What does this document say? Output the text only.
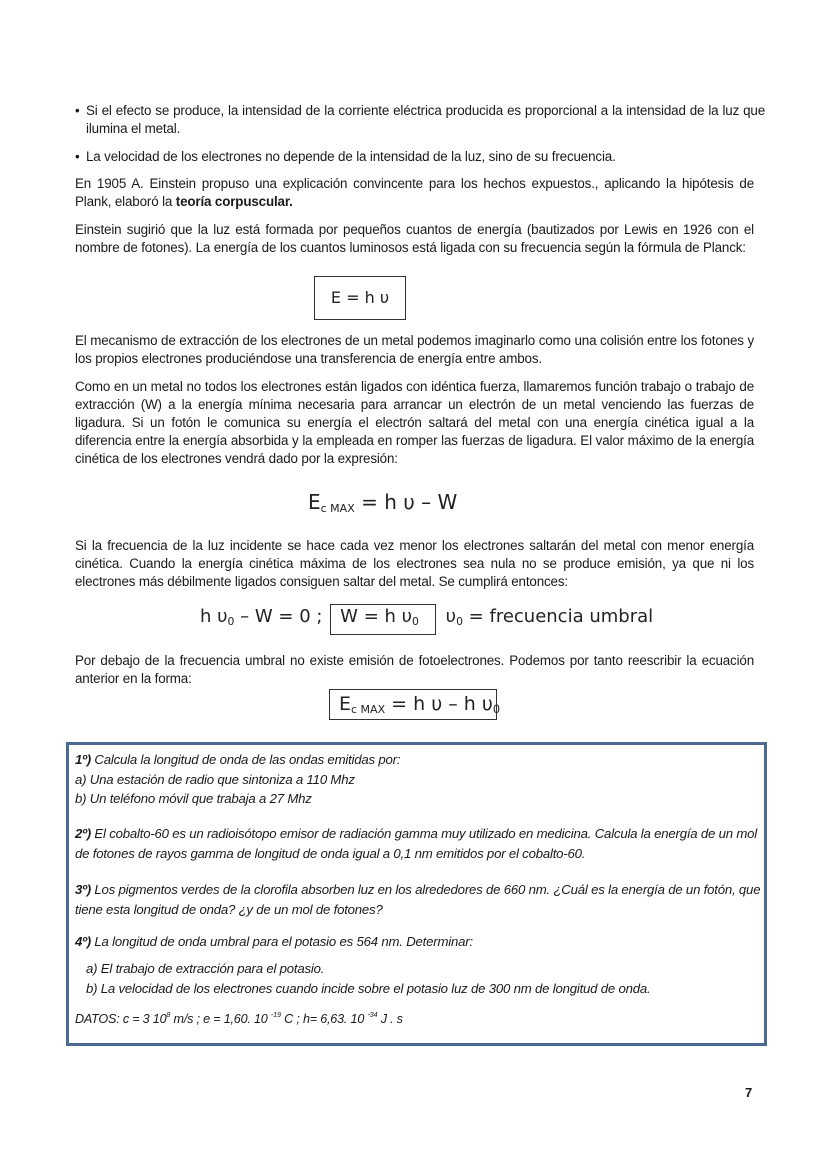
• Si el efecto se produce, la intensidad de la corriente eléctrica producida es proporcional a la intensidad de la luz que ilumina el metal.
• La velocidad de los electrones no depende de la intensidad de la luz, sino de su frecuencia.
En 1905 A. Einstein propuso una explicación convincente para los hechos expuestos., aplicando la hipótesis de Plank, elaboró la teoría corpuscular.
Einstein sugirió que la luz está formada por pequeños cuantos de energía (bautizados por Lewis en 1926 con el nombre de fotones). La energía de los cuantos luminosos está ligada con su frecuencia según la fórmula de Planck:
E = h υ
El mecanismo de extracción de los electrones de un metal podemos imaginarlo como una colisión entre los fotones y los propios electrones produciéndose una transferencia de energía entre ambos.
Como en un metal no todos los electrones están ligados con idéntica fuerza, llamaremos función trabajo o trabajo de extracción (W) a la energía mínima necesaria para arrancar un electrón de un metal venciendo las fuerzas de ligadura. Si un fotón le comunica su energía el electrón saltará del metal con una energía cinética igual a la diferencia entre la energía absorbida y la empleada en romper las fuerzas de ligadura. El valor máximo de la energía cinética de los electrones vendrá dado por la expresión:
$E_{c MAX} = h$ υ – W
Si la frecuencia de la luz incidente se hace cada vez menor los electrones saltarán del metal con menor energía cinética. Cuando la energía cinética máxima de los electrones sea nula no se produce emisión, ya que ni los electrones más débilmente ligados consiguen saltar del metal. Se cumplirá entonces:
h $\upsilon_0 - W = 0$ ; W = h $\upsilon_0$ $\upsilon_0$ = frecuencia umbral
Por debajo de la frecuencia umbral no existe emisión de fotoelectrones. Podemos por tanto reescribir la ecuación anterior en la forma:
$E_{c MAX} = h$ υ – h $\upsilon_0$
1º) Calcula la longitud de onda de las ondas emitidas por:
a) Una estación de radio que sintoniza a 110 Mhz
b) Un teléfono móvil que trabaja a 27 Mhz
2º) El cobalto-60 es un radioisótopo emisor de radiación gamma muy utilizado en medicina. Calcula la energía de un mol de fotones de rayos gamma de longitud de onda igual a 0,1 nm emitidos por el cobalto-60.
3º) Los pigmentos verdes de la clorofila absorben luz en los alrededores de 660 nm. ¿Cuál es la energía de un fotón, que tiene esta longitud de onda? ¿y de un mol de fotones?
4º) La longitud de onda umbral para el potasio es 564 nm. Determinar:
a) El trabajo de extracción para el potasio.
b) La velocidad de los electrones cuando incide sobre el potasio luz de 300 nm de longitud de onda.
DATOS: c = 3 $10^8$ m/s ; e = 1,60. 10 $^{-19}$ C ; h= 6,63. 10 $^{-34}$ J . s
7
